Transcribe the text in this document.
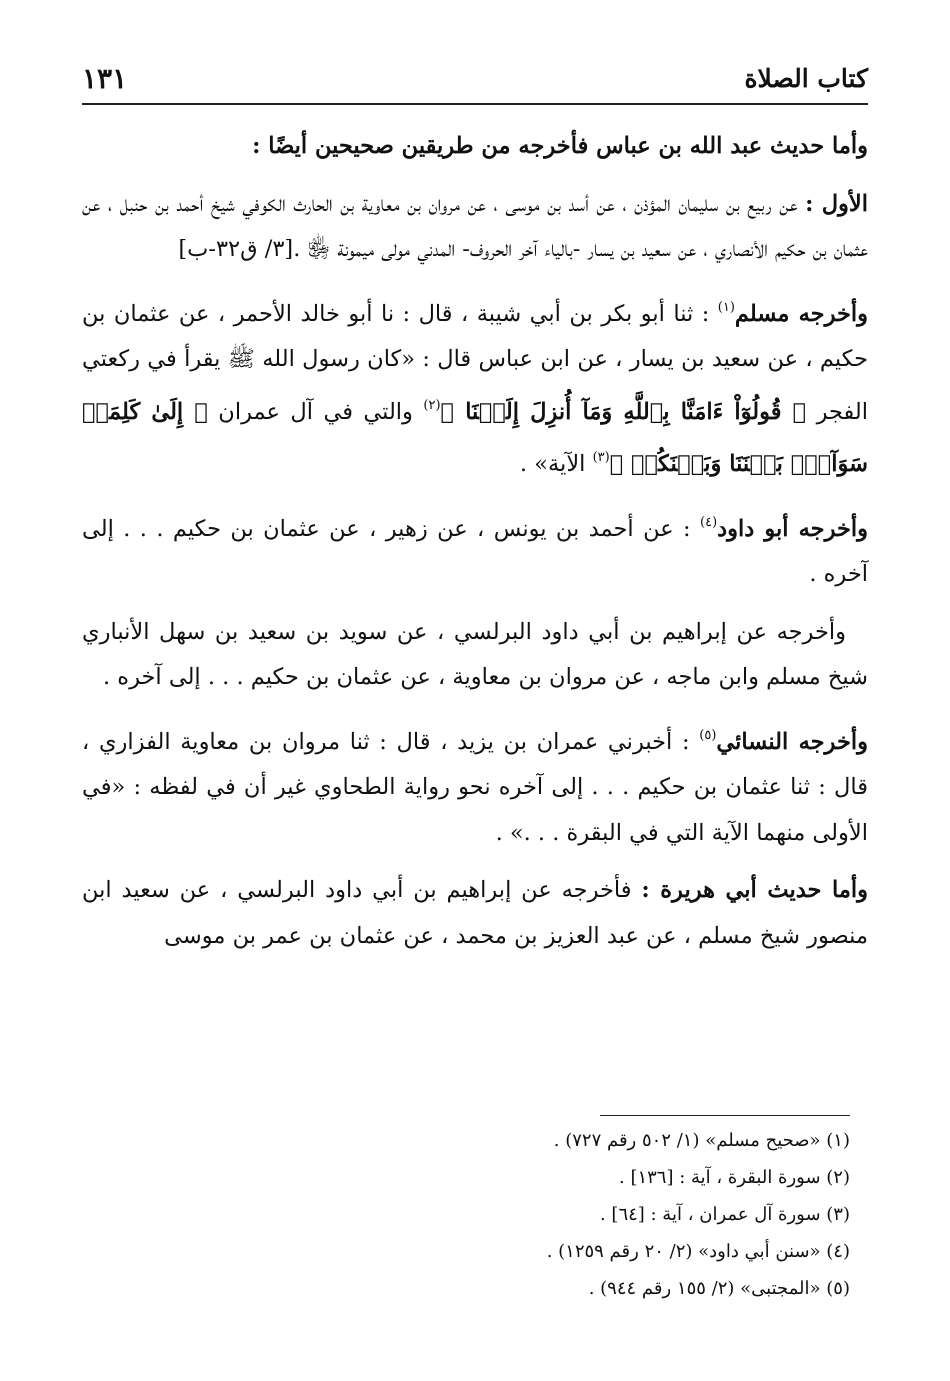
كتاب الصلاة
١٣١

وأما حديث عبد الله بن عباس فأخرجه من طريقين صحيحين أيضًا :

الأول : عن ربيع بن سليمان المؤذن ، عن أسد بن موسى ، عن مروان بن معاوية بن الحارث الكوفي شيخ أحمد بن حنبل ، عن عثمان بن حكيم الأنصاري ، عن سعيد بن يسار -بالياء آخر الحروف- المدني مولى ميمونة ﵂ .[٣/ ق٣٢-ب]

وأخرجه مسلم$^{(١)}$ : ثنا أبو بكر بن أبي شيبة ، قال : نا أبو خالد الأحمر ، عن عثمان بن حكيم ، عن سعيد بن يسار ، عن ابن عباس قال : «كان رسول الله ﷺ يقرأ في ركعتي الفجر ﴿ قُولُوٓاْ ءَامَنَّا بِٱللَّهِ وَمَآ أُنزِلَ إِلَيۡنَا ﴾$^{(٢)}$ والتي في آل عمران ﴿ إِلَىٰ كَلِمَةٖ سَوَآءِۭ بَيۡنَنَا وَبَيۡنَكُمۡ ﴾$^{(٣)}$ الآية» .

وأخرجه أبو داود$^{(٤)}$ : عن أحمد بن يونس ، عن زهير ، عن عثمان بن حكيم . . . إلى آخره .

وأخرجه عن إبراهيم بن أبي داود البرلسي ، عن سويد بن سعيد بن سهل الأنباري شيخ مسلم وابن ماجه ، عن مروان بن معاوية ، عن عثمان بن حكيم . . . إلى آخره .

وأخرجه النسائي$^{(٥)}$ : أخبرني عمران بن يزيد ، قال : ثنا مروان بن معاوية الفزاري ، قال : ثنا عثمان بن حكيم . . . إلى آخره نحو رواية الطحاوي غير أن في لفظه : «في الأولى منهما الآية التي في البقرة . . .» .

وأما حديث أبي هريرة : فأخرجه عن إبراهيم بن أبي داود البرلسي ، عن سعيد ابن منصور شيخ مسلم ، عن عبد العزيز بن محمد ، عن عثمان بن عمر بن موسى

(١) «صحيح مسلم» (١/ ٥٠٢ رقم ٧٢٧) .
(٢) سورة البقرة ، آية : [١٣٦] .
(٣) سورة آل عمران ، آية : [٦٤] .
(٤) «سنن أبي داود» (٢/ ٢٠ رقم ١٢٥٩) .
(٥) «المجتبى» (٢/ ١٥٥ رقم ٩٤٤) .
